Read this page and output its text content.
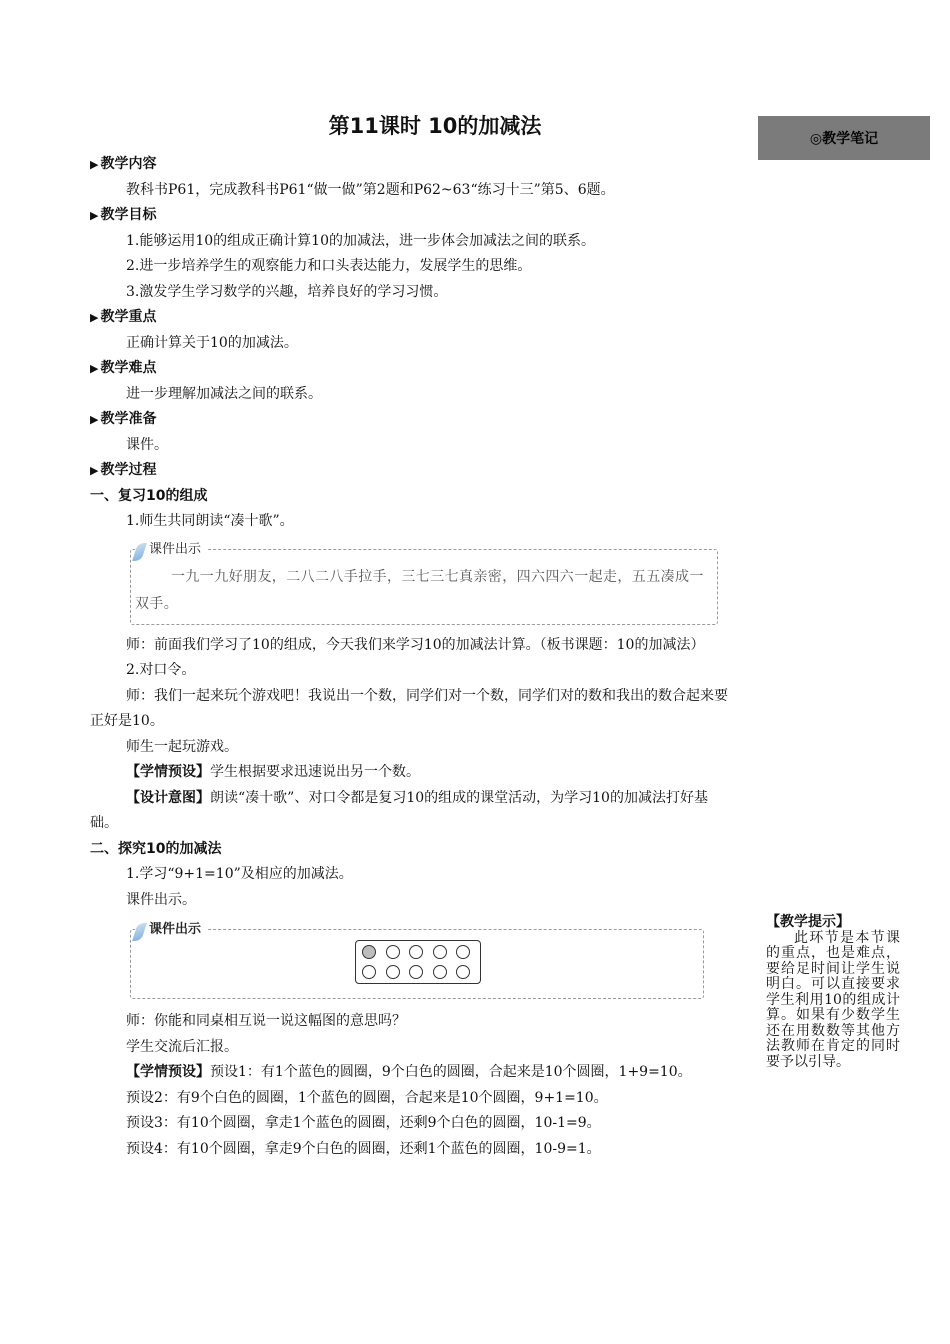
第11课时 10的加减法
◎教学笔记
▶ 教学内容
教科书P61，完成教科书P61“做一做”第2题和P62~63“练习十三”第5、6题。
▶ 教学目标
1.能够运用10的组成正确计算10的加减法，进一步体会加减法之间的联系。
2.进一步培养学生的观察能力和口头表达能力，发展学生的思维。
3.激发学生学习数学的兴趣，培养良好的学习习惯。
▶ 教学重点
正确计算关于10的加减法。
▶ 教学难点
进一步理解加减法之间的联系。
▶ 教学准备
课件。
▶ 教学过程
一、复习10的组成
1.师生共同朗读“凑十歌”。
课件出示
一九一九好朋友，二八二八手拉手，三七三七真亲密，四六四六一起走，五五凑成一双手。
师：前面我们学习了10的组成，今天我们来学习10的加减法计算。（板书课题：10的加减法）
2.对口令。
师：我们一起来玩个游戏吧！我说出一个数，同学们对一个数，同学们对的数和我出的数合起来要正好是10。
师生一起玩游戏。
【学情预设】学生根据要求迅速说出另一个数。
【设计意图】朗读“凑十歌”、对口令都是复习10的组成的课堂活动，为学习10的加减法打好基础。
二、探究10的加减法
1.学习“9+1=10”及相应的加减法。
课件出示。
课件出示
师：你能和同桌相互说一说这幅图的意思吗？
学生交流后汇报。
【学情预设】预设1：有1个蓝色的圆圈，9个白色的圆圈，合起来是10个圆圈，1+9=10。
预设2：有9个白色的圆圈，1个蓝色的圆圈，合起来是10个圆圈，9+1=10。
预设3：有10个圆圈，拿走1个蓝色的圆圈，还剩9个白色的圆圈，10-1=9。
预设4：有10个圆圈，拿走9个白色的圆圈，还剩1个蓝色的圆圈，10-9=1。
【教学提示】
此环节是本节课的重点，也是难点，要给足时间让学生说明白。可以直接要求学生利用10的组成计算。如果有少数学生还在用数数等其他方法教师在肯定的同时要予以引导。
